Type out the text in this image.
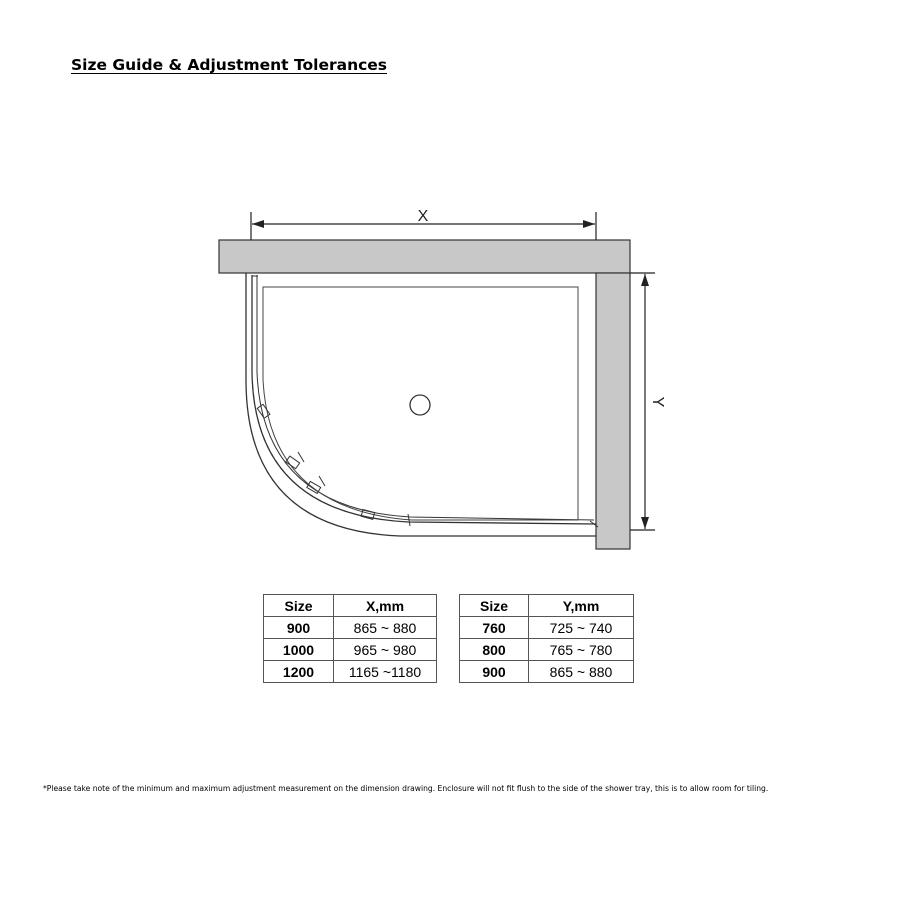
Size Guide & Adjustment Tolerances
X
Y
Size	X,mm
900	865 ~ 880
1000	965 ~ 980
1200	1165 ~1180
Size	Y,mm
760	725 ~ 740
800	765 ~ 780
900	865 ~ 880
*Please take note of the minimum and maximum adjustment measurement on the dimension drawing. Enclosure will not fit flush to the side of the shower tray, this is to allow room for tiling.
